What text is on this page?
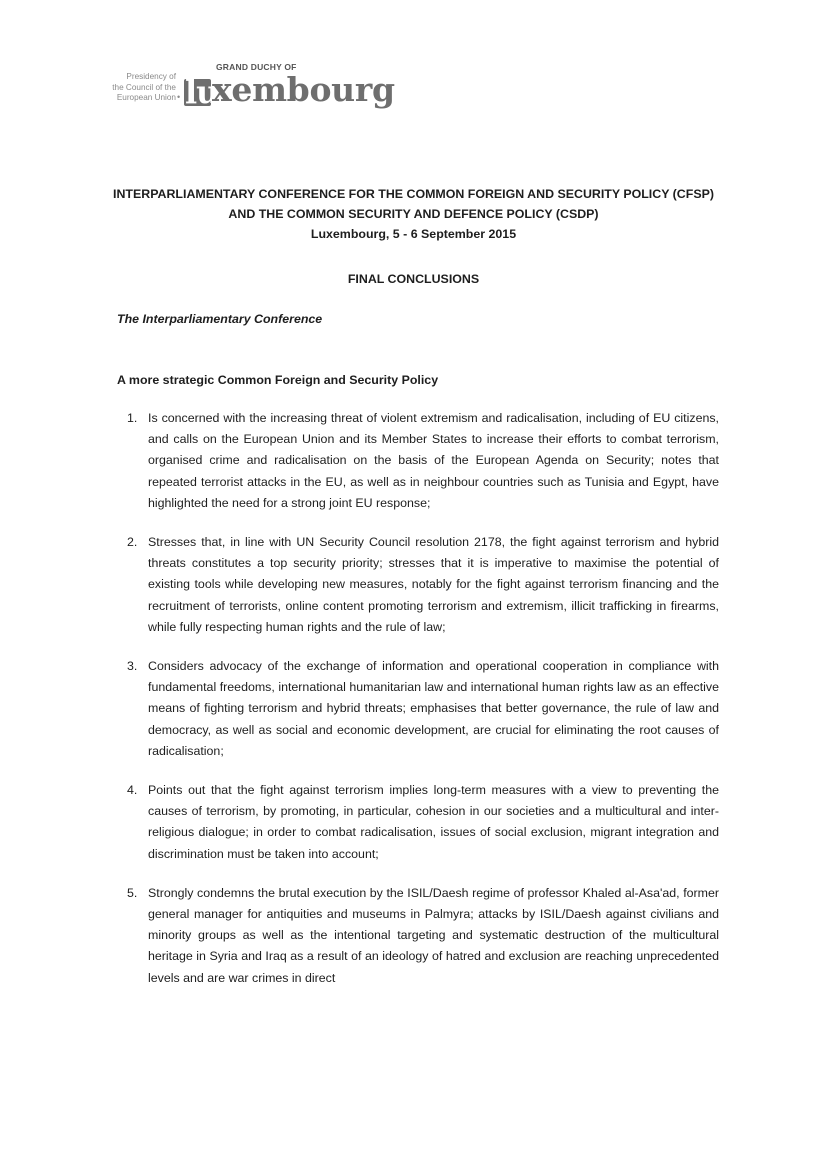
Presidency of
the Council of the
European Union •
GRAND DUCHY OF
lu
xembourg
INTERPARLIAMENTARY CONFERENCE FOR THE COMMON FOREIGN AND SECURITY POLICY (CFSP)
AND THE COMMON SECURITY AND DEFENCE POLICY (CSDP)
Luxembourg, 5 - 6 September 2015
FINAL CONCLUSIONS
The Interparliamentary Conference
A more strategic Common Foreign and Security Policy
1. Is concerned with the increasing threat of violent extremism and radicalisation, including of EU citizens, and calls on the European Union and its Member States to increase their efforts to combat terrorism, organised crime and radicalisation on the basis of the European Agenda on Security; notes that repeated terrorist attacks in the EU, as well as in neighbour countries such as Tunisia and Egypt, have highlighted the need for a strong joint EU response;
2. Stresses that, in line with UN Security Council resolution 2178, the fight against terrorism and hybrid threats constitutes a top security priority; stresses that it is imperative to maximise the potential of existing tools while developing new measures, notably for the fight against terrorism financing and the recruitment of terrorists, online content promoting terrorism and extremism, illicit trafficking in firearms, while fully respecting human rights and the rule of law;
3. Considers advocacy of the exchange of information and operational cooperation in compliance with fundamental freedoms, international humanitarian law and international human rights law as an effective means of fighting terrorism and hybrid threats; emphasises that better governance, the rule of law and democracy, as well as social and economic development, are crucial for eliminating the root causes of radicalisation;
4. Points out that the fight against terrorism implies long-term measures with a view to preventing the causes of terrorism, by promoting, in particular, cohesion in our societies and a multicultural and inter-religious dialogue; in order to combat radicalisation, issues of social exclusion, migrant integration and discrimination must be taken into account;
5. Strongly condemns the brutal execution by the ISIL/Daesh regime of professor Khaled al-Asa'ad, former general manager for antiquities and museums in Palmyra; attacks by ISIL/Daesh against civilians and minority groups as well as the intentional targeting and systematic destruction of the multicultural heritage in Syria and Iraq as a result of an ideology of hatred and exclusion are reaching unprecedented levels and are war crimes in direct
